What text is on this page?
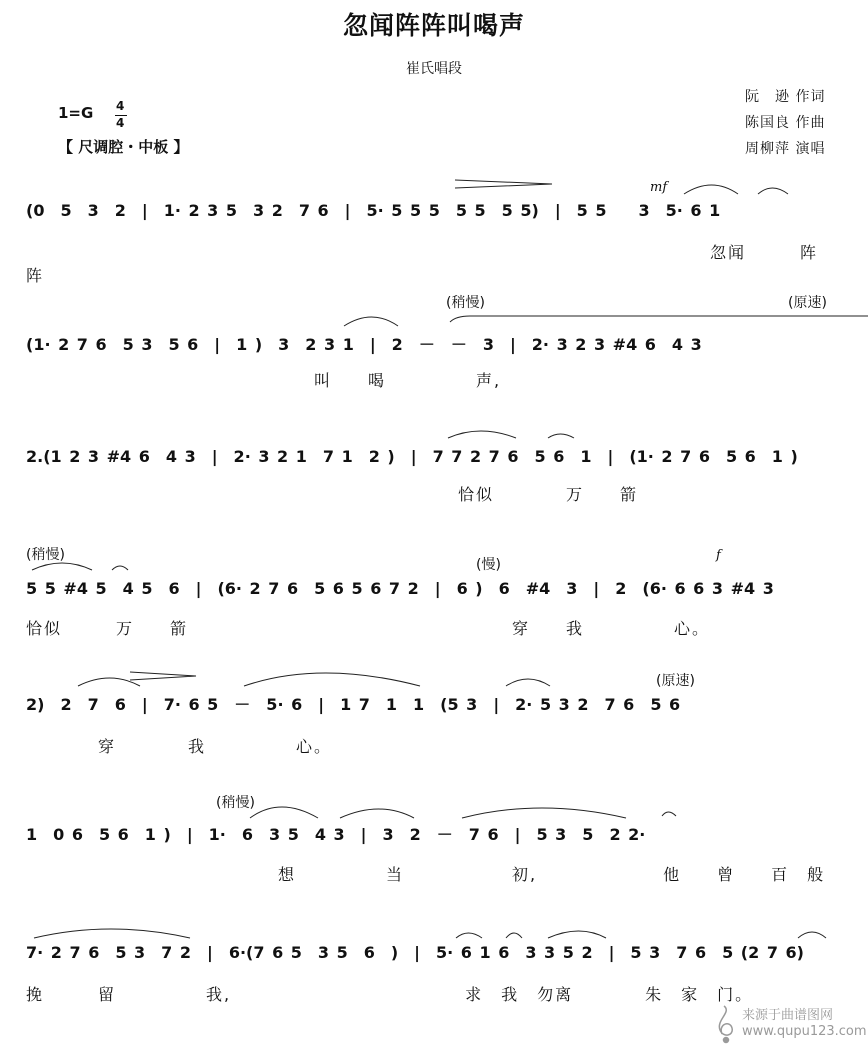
忽闻阵阵叫喝声
崔氏唱段
阮　逊 作词
陈国良 作曲
周柳萍 演唱
1=G 4
4
【 尺调腔・中板 】
(0　5　3　2　|　1· 2 3 5　3 2　7 6　|　5· 5 5 5　5 5　5 5)　|　5 5　　3　5· 6 1
　　　　　　　　　　　　　　　　　　　　　　　　　　　　　　　　　　　　　　忽闻　　　阵　　阵
mf
(稍慢)	(原速)
(1· 2 7 6　5 3　5 6　|　1 )　3　2 3 1　|　2　－　－　3　|　2· 3 2 3 #4 6　4 3
　　　　　　　　　　　　　　　　叫　　喝　　　　　声,
2.(1 2 3 #4 6　4 3　|　2· 3 2 1　7 1　2 )　|　7 7 2 7 6　5 6　1　|　(1· 2 7 6　5 6　1 )
　　　　　　　　　　　　　　　　　　　　　　　　恰似　　　　万　　箭
(稍慢)
(慢)
f
5 5 #4 5　4 5　6　|　(6· 2 7 6　5 6 5 6 7 2　|　6 )　6　#4　3　|　2　(6· 6 6 3 #4 3
恰似　　　万　　箭　　　　　　　　　　　　　　　　　　穿　　我　　　　　心。
(原速)
2)　2　7　6　|　7· 6 5　－　5· 6　|　1 7　1　1　(5 3　|　2· 5 3 2　7 6　5 6
　　　　穿　　　　我　　　　　心。
(稍慢)
1　0 6　5 6　1 )　|　1·　6　3 5　4 3　|　3　2　－　7 6　|　5 3　5　2 2·
　　　　　　　　　　　　　　想　　　　　当　　　　　　初,　　　　　　　他　　曾　　百　般
7· 2 7 6　5 3　7 2　|　6·(7 6 5　3 5　6　)　|　5· 6 1 6　3 3 5 2　|　5 3　7 6　5 (2 7 6)
挽　　　留　　　　　我,　　　　　　　　　　　　　求　我　勿离　　　　朱　家　门。
来源于曲谱图网
www.qupu123.com
